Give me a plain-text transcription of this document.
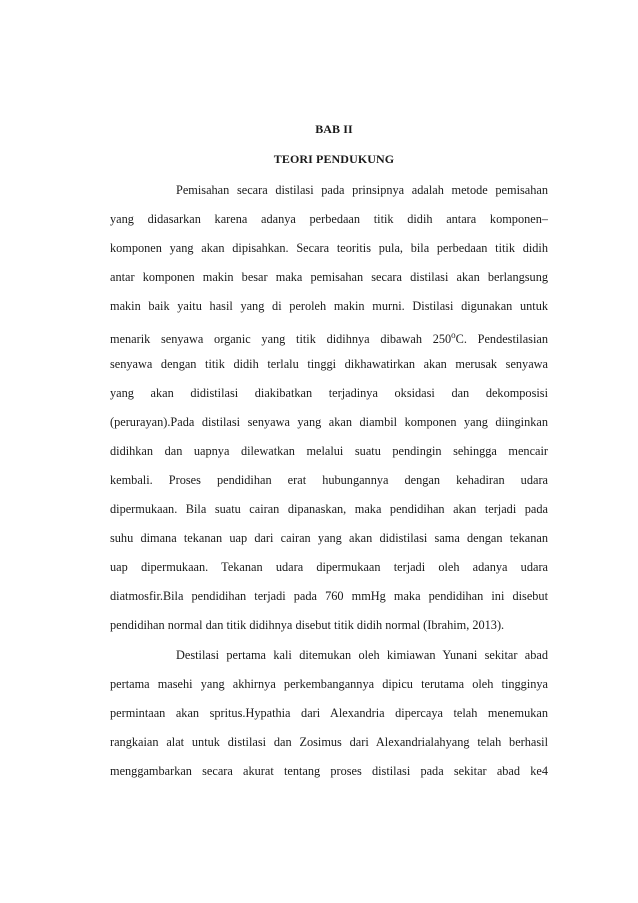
BAB II
TEORI PENDUKUNG
Pemisahan secara distilasi pada prinsipnya adalah metode pemisahan
yang didasarkan karena adanya perbedaan titik didih antara komponen–
komponen yang akan dipisahkan. Secara teoritis pula, bila perbedaan titik didih
antar komponen makin besar maka pemisahan secara distilasi akan berlangsung
makin baik yaitu hasil yang di peroleh makin murni. Distilasi digunakan untuk
menarik senyawa organic yang titik didihnya dibawah 250$^o$C. Pendestilasian
senyawa dengan titik didih terlalu tinggi dikhawatirkan akan merusak senyawa
yang akan didistilasi diakibatkan terjadinya oksidasi dan dekomposisi
(perurayan).Pada distilasi senyawa yang akan diambil komponen yang diinginkan
didihkan dan uapnya dilewatkan melalui suatu pendingin sehingga mencair
kembali. Proses pendidihan erat hubungannya dengan kehadiran udara
dipermukaan. Bila suatu cairan dipanaskan, maka pendidihan akan terjadi pada
suhu dimana tekanan uap dari cairan yang akan didistilasi sama dengan tekanan
uap dipermukaan. Tekanan udara dipermukaan terjadi oleh adanya udara
diatmosfir.Bila pendidihan terjadi pada 760 mmHg maka pendidihan ini disebut
pendidihan normal dan titik didihnya disebut titik didih normal (Ibrahim, 2013).
Destilasi pertama kali ditemukan oleh kimiawan Yunani sekitar abad
pertama masehi yang akhirnya perkembangannya dipicu terutama oleh tingginya
permintaan akan spritus.Hypathia dari Alexandria dipercaya telah menemukan
rangkaian alat untuk distilasi dan Zosimus dari Alexandrialahyang telah berhasil
menggambarkan secara akurat tentang proses distilasi pada sekitar abad ke4
